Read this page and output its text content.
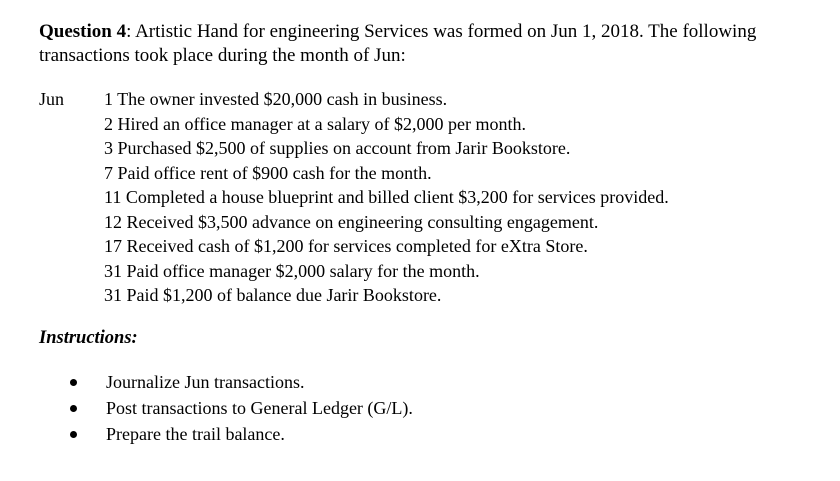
Question 4: Artistic Hand for engineering Services was formed on Jun 1, 2018. The following transactions took place during the month of Jun:

Jun 1 The owner invested $20,000 cash in business.
2 Hired an office manager at a salary of $2,000 per month.
3 Purchased $2,500 of supplies on account from Jarir Bookstore.
7 Paid office rent of $900 cash for the month.
11 Completed a house blueprint and billed client $3,200 for services provided.
12 Received $3,500 advance on engineering consulting engagement.
17 Received cash of $1,200 for services completed for eXtra Store.
31 Paid office manager $2,000 salary for the month.
31 Paid $1,200 of balance due Jarir Bookstore.

Instructions:

Journalize Jun transactions.
Post transactions to General Ledger (G/L).
Prepare the trail balance.
